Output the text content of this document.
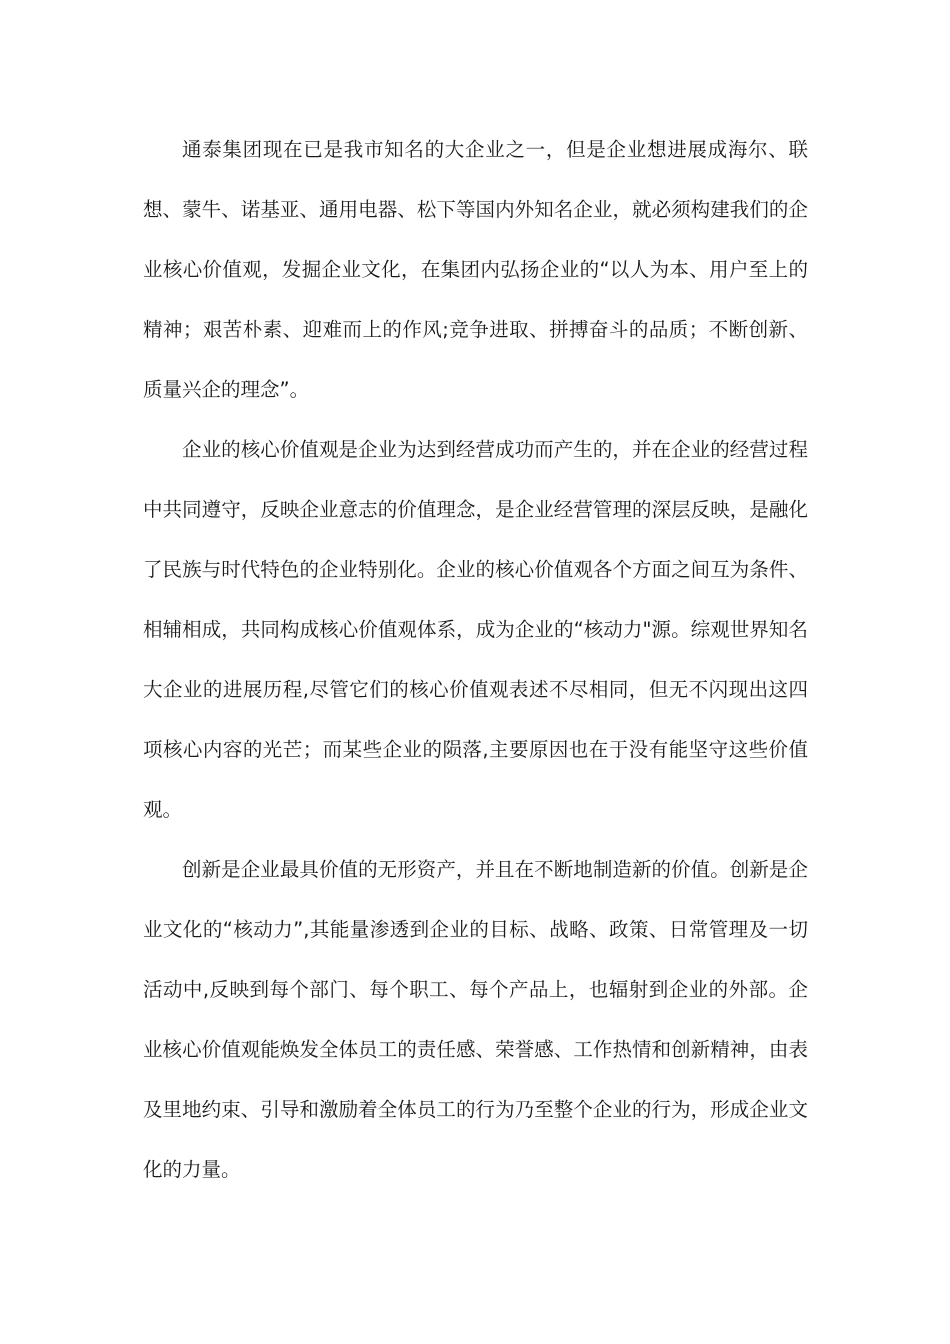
通泰集团现在已是我市知名的大企业之一，但是企业想进展成海尔、联想、蒙牛、诺基亚、通用电器、松下等国内外知名企业，就必须构建我们的企业核心价值观，发掘企业文化，在集团内弘扬企业的“以人为本、用户至上的精神；艰苦朴素、迎难而上的作风;竞争进取、拼搏奋斗的品质；不断创新、质量兴企的理念”。

企业的核心价值观是企业为达到经营成功而产生的，并在企业的经营过程中共同遵守，反映企业意志的价值理念，是企业经营管理的深层反映，是融化了民族与时代特色的企业特别化。企业的核心价值观各个方面之间互为条件、相辅相成，共同构成核心价值观体系，成为企业的“核动力"源。综观世界知名大企业的进展历程,尽管它们的核心价值观表述不尽相同，但无不闪现出这四项核心内容的光芒；而某些企业的陨落,主要原因也在于没有能坚守这些价值观。

创新是企业最具价值的无形资产，并且在不断地制造新的价值。创新是企业文化的“核动力”,其能量渗透到企业的目标、战略、政策、日常管理及一切活动中,反映到每个部门、每个职工、每个产品上，也辐射到企业的外部。企业核心价值观能焕发全体员工的责任感、荣誉感、工作热情和创新精神，由表及里地约束、引导和激励着全体员工的行为乃至整个企业的行为，形成企业文化的力量。
